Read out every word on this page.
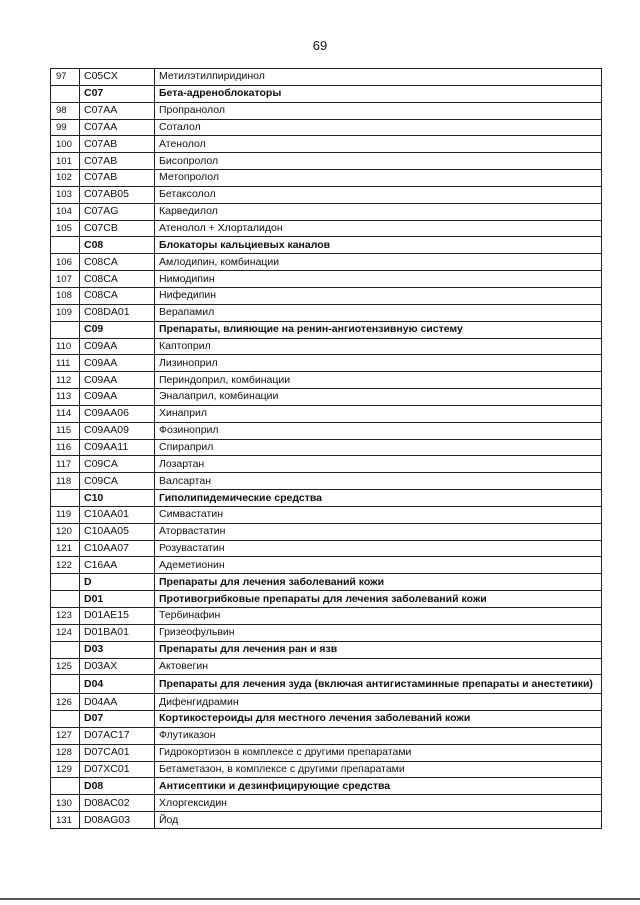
69
97	C05CX	Метилэтилпиридинол
	C07	Бета-адреноблокаторы
98	C07AA	Пропранолол
99	C07AA	Соталол
100	C07AB	Атенолол
101	C07AB	Бисопролол
102	C07AB	Метопролол
103	C07AB05	Бетаксолол
104	C07AG	Карведилол
105	C07CB	Атенолол + Хлорталидон
	C08	Блокаторы кальциевых каналов
106	C08CA	Амлодипин, комбинации
107	C08CA	Нимодипин
108	C08CA	Нифедипин
109	C08DA01	Верапамил
	C09	Препараты, влияющие на ренин-ангиотензивную систему
110	C09AA	Каптоприл
111	C09AA	Лизиноприл
112	C09AA	Периндоприл, комбинации
113	C09AA	Эналаприл, комбинации
114	C09AA06	Хинаприл
115	C09AA09	Фозиноприл
116	C09AA11	Спираприл
117	C09CA	Лозартан
118	C09CA	Валсартан
	C10	Гиполипидемические средства
119	C10AA01	Симвастатин
120	C10AA05	Аторвастатин
121	C10AA07	Розувастатин
122	C16AA	Адеметионин
	D	Препараты для лечения заболеваний кожи
	D01	Противогрибковые препараты для лечения заболеваний кожи
123	D01AE15	Тербинафин
124	D01BA01	Гризеофульвин
	D03	Препараты для лечения ран и язв
125	D03AX	Актовегин
	D04	Препараты для лечения зуда (включая антигистаминные препараты и анестетики)
126	D04AA	Дифенгидрамин
	D07	Кортикостероиды для местного лечения заболеваний кожи
127	D07AC17	Флутиказон
128	D07CA01	Гидрокортизон в комплексе с другими препаратами
129	D07XC01	Бетаметазон, в комплексе с другими препаратами
	D08	Антисептики и дезинфицирующие средства
130	D08AC02	Хлоргексидин
131	D08AG03	Йод
